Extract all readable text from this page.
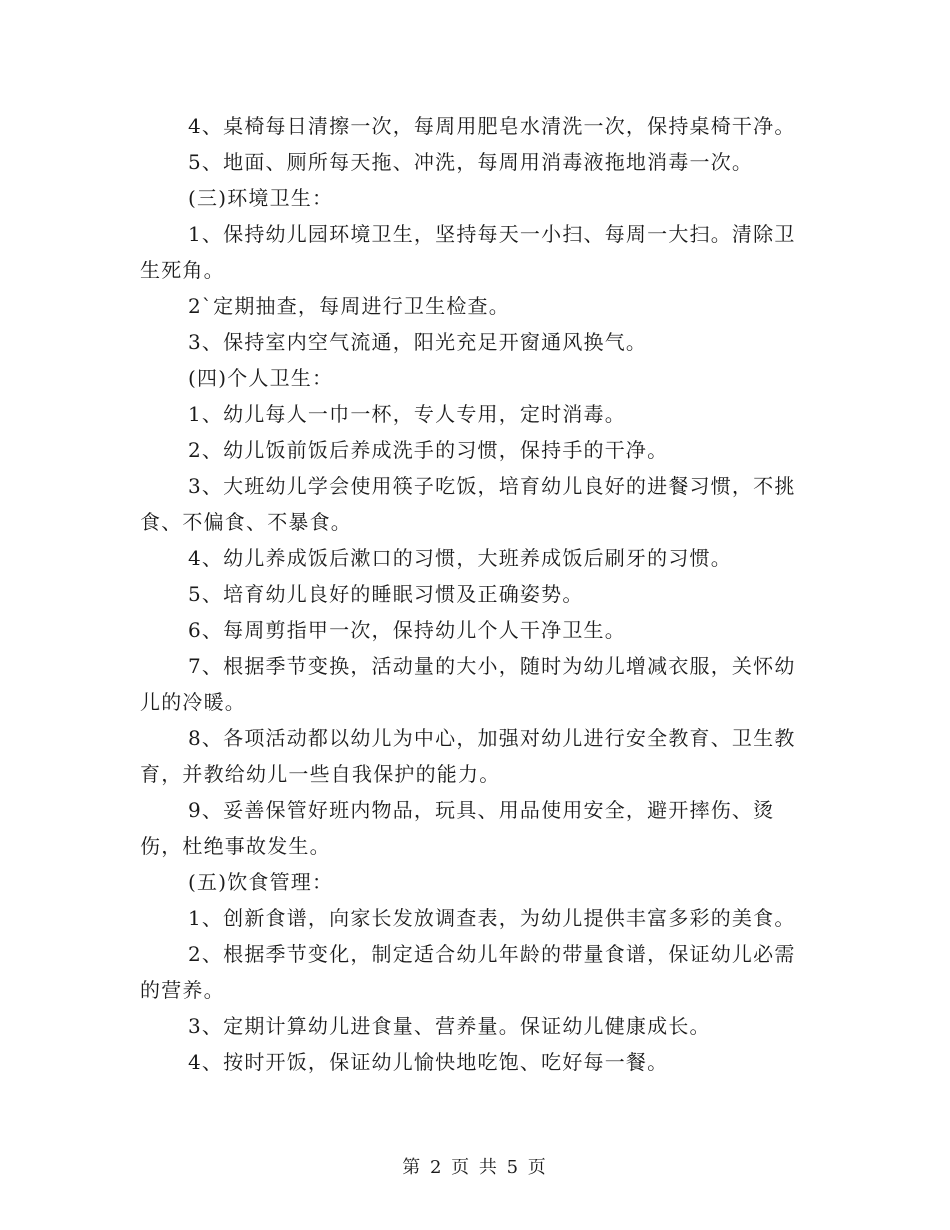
4、桌椅每日清擦一次，每周用肥皂水清洗一次，保持桌椅干净。

5、地面、厕所每天拖、冲洗，每周用消毒液拖地消毒一次。

(三)环境卫生：

1、保持幼儿园环境卫生，坚持每天一小扫、每周一大扫。清除卫生死角。

2`定期抽查，每周进行卫生检查。

3、保持室内空气流通，阳光充足开窗通风换气。

(四)个人卫生：

1、幼儿每人一巾一杯，专人专用，定时消毒。

2、幼儿饭前饭后养成洗手的习惯，保持手的干净。

3、大班幼儿学会使用筷子吃饭，培育幼儿良好的进餐习惯，不挑食、不偏食、不暴食。

4、幼儿养成饭后漱口的习惯，大班养成饭后刷牙的习惯。

5、培育幼儿良好的睡眠习惯及正确姿势。

6、每周剪指甲一次，保持幼儿个人干净卫生。

7、根据季节变换，活动量的大小，随时为幼儿增减衣服，关怀幼儿的冷暖。

8、各项活动都以幼儿为中心，加强对幼儿进行安全教育、卫生教育，并教给幼儿一些自我保护的能力。

9、妥善保管好班内物品，玩具、用品使用安全，避开摔伤、烫伤，杜绝事故发生。

(五)饮食管理：

1、创新食谱，向家长发放调查表，为幼儿提供丰富多彩的美食。

2、根据季节变化，制定适合幼儿年龄的带量食谱，保证幼儿必需的营养。

3、定期计算幼儿进食量、营养量。保证幼儿健康成长。

4、按时开饭，保证幼儿愉快地吃饱、吃好每一餐。

第 2 页 共 5 页
